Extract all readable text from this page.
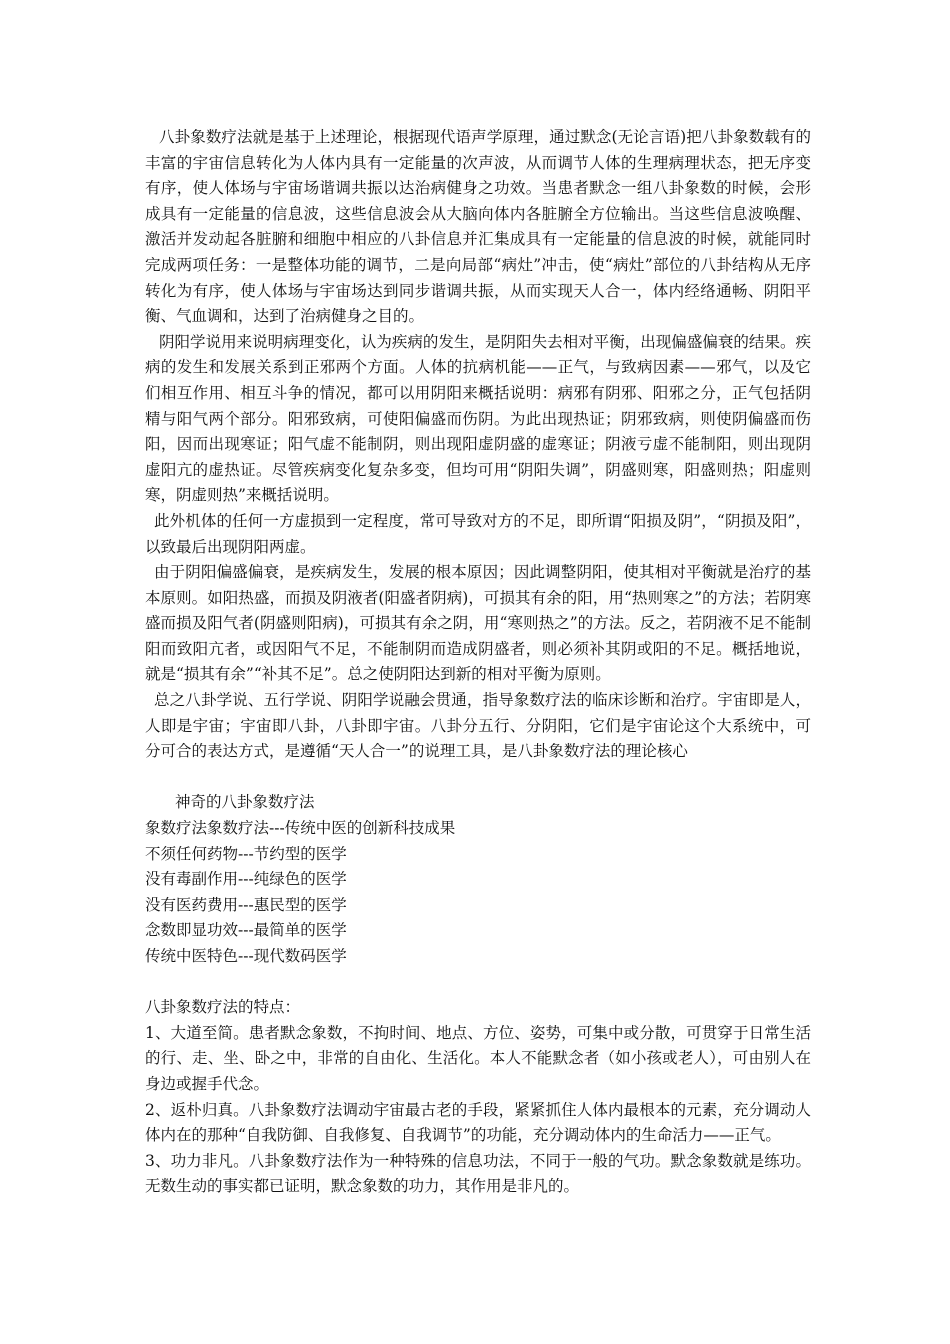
八卦象数疗法就是基于上述理论，根据现代语声学原理，通过默念(无论言语)把八卦象数载有的丰富的宇宙信息转化为人体内具有一定能量的次声波，从而调节人体的生理病理状态，把无序变有序，使人体场与宇宙场谐调共振以达治病健身之功效。当患者默念一组八卦象数的时候，会形成具有一定能量的信息波，这些信息波会从大脑向体内各脏腑全方位输出。当这些信息波唤醒、激活并发动起各脏腑和细胞中相应的八卦信息并汇集成具有一定能量的信息波的时候，就能同时完成两项任务：一是整体功能的调节，二是向局部“病灶”冲击，使“病灶”部位的八卦结构从无序转化为有序，使人体场与宇宙场达到同步谐调共振，从而实现天人合一，体内经络通畅、阴阳平衡、气血调和，达到了治病健身之目的。

阴阳学说用来说明病理变化，认为疾病的发生，是阴阳失去相对平衡，出现偏盛偏衰的结果。疾病的发生和发展关系到正邪两个方面。人体的抗病机能——正气，与致病因素——邪气，以及它们相互作用、相互斗争的情况，都可以用阴阳来概括说明：病邪有阴邪、阳邪之分，正气包括阴精与阳气两个部分。阳邪致病，可使阳偏盛而伤阴。为此出现热证；阴邪致病，则使阴偏盛而伤阳，因而出现寒证；阳气虚不能制阴，则出现阳虚阴盛的虚寒证；阴液亏虚不能制阳，则出现阴虚阳亢的虚热证。尽管疾病变化复杂多变，但均可用“阴阳失调”，阴盛则寒，阳盛则热；阳虚则寒，阴虚则热”来概括说明。

此外机体的任何一方虚损到一定程度，常可导致对方的不足，即所谓“阳损及阴”，“阴损及阳”，以致最后出现阴阳两虚。

由于阴阳偏盛偏衰，是疾病发生，发展的根本原因；因此调整阴阳，使其相对平衡就是治疗的基本原则。如阳热盛，而损及阴液者(阳盛者阴病)，可损其有余的阳，用“热则寒之”的方法；若阴寒盛而损及阳气者(阴盛则阳病)，可损其有余之阴，用“寒则热之”的方法。反之，若阴液不足不能制阳而致阳亢者，或因阳气不足，不能制阴而造成阴盛者，则必须补其阴或阳的不足。概括地说，就是“损其有余”“补其不足”。总之使阴阳达到新的相对平衡为原则。

总之八卦学说、五行学说、阴阳学说融会贯通，指导象数疗法的临床诊断和治疗。宇宙即是人，人即是宇宙；宇宙即八卦，八卦即宇宙。八卦分五行、分阴阳，它们是宇宙论这个大系统中，可分可合的表达方式，是遵循“天人合一”的说理工具，是八卦象数疗法的理论核心

神奇的八卦象数疗法

象数疗法象数疗法---传统中医的创新科技成果

不须任何药物---节约型的医学

没有毒副作用---纯绿色的医学

没有医药费用---惠民型的医学

念数即显功效---最简单的医学

传统中医特色---现代数码医学

八卦象数疗法的特点：

1、大道至简。患者默念象数，不拘时间、地点、方位、姿势，可集中或分散，可贯穿于日常生活的行、走、坐、卧之中，非常的自由化、生活化。本人不能默念者（如小孩或老人），可由别人在身边或握手代念。

2、返朴归真。八卦象数疗法调动宇宙最古老的手段，紧紧抓住人体内最根本的元素，充分调动人体内在的那种“自我防御、自我修复、自我调节”的功能，充分调动体内的生命活力——正气。

3、功力非凡。八卦象数疗法作为一种特殊的信息功法，不同于一般的气功。默念象数就是练功。无数生动的事实都已证明，默念象数的功力，其作用是非凡的。
